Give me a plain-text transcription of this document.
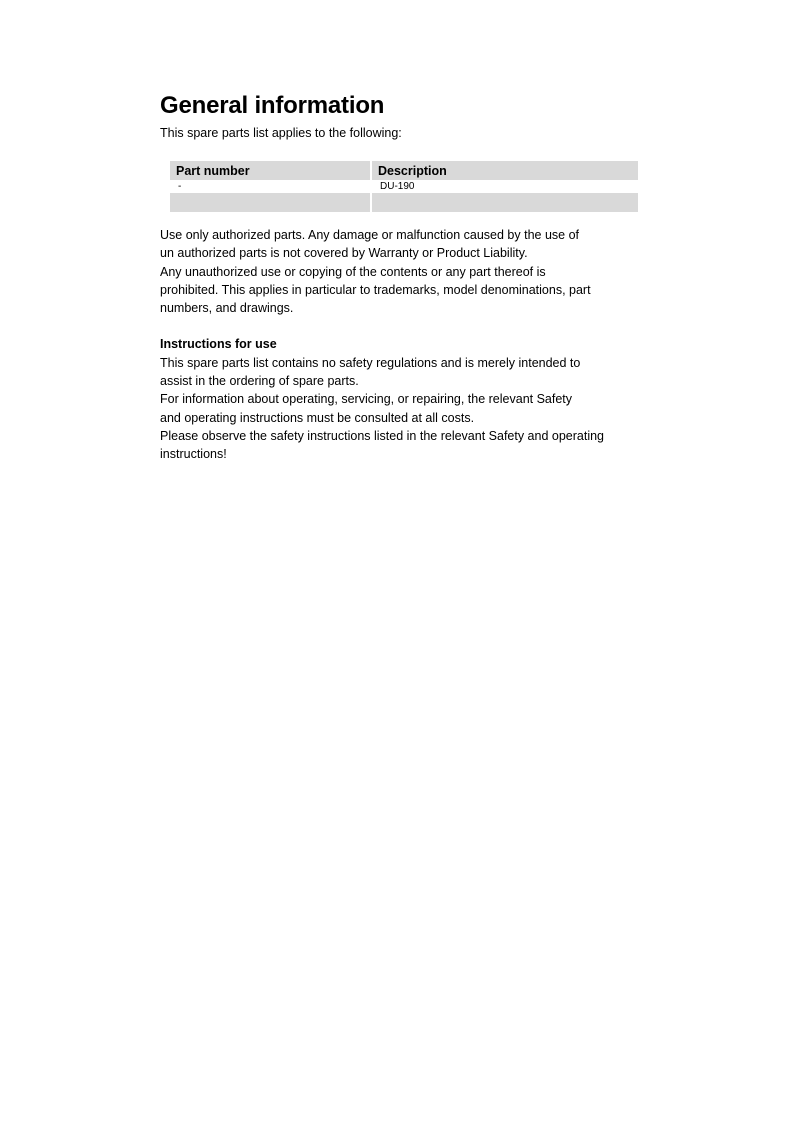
General information

This spare parts list applies to the following:

Part number	Description
-	DU-190

Use only authorized parts. Any damage or malfunction caused by the use of

un authorized parts is not covered by Warranty or Product Liability.

Any unauthorized use or copying of the contents or any part thereof is

prohibited. This applies in particular to trademarks, model denominations, part

numbers, and drawings.

Instructions for use

This spare parts list contains no safety regulations and is merely intended to

assist in the ordering of spare parts.

For information about operating, servicing, or repairing, the relevant Safety

and operating instructions must be consulted at all costs.

Please observe the safety instructions listed in the relevant Safety and operating

instructions!
